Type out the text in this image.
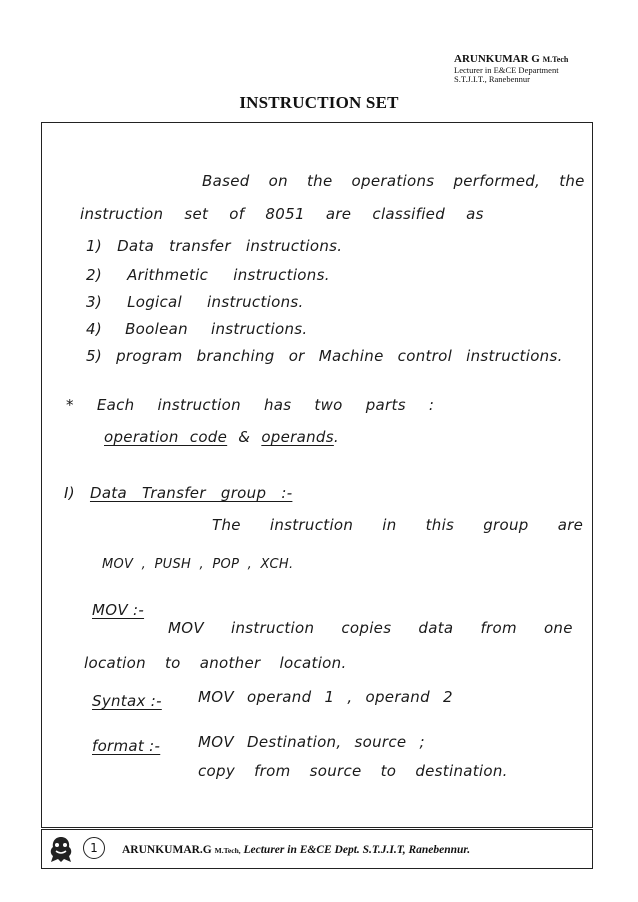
ARUNKUMAR G M.Tech
Lecturer in E&CE Department
S.T.J.I.T., Ranebennur
INSTRUCTION SET
Based on the operations performed, the
instruction set of 8051 are classified as
1) Data transfer instructions.
2) Arithmetic instructions.
3) Logical instructions.
4) Boolean instructions.
5) program branching or Machine control instructions.
* Each instruction has two parts :
operation code & operands.
I) Data Transfer group :-
The instruction in this group are
MOV , PUSH , POP , XCH.
MOV :-
MOV instruction copies data from one
location to another location.
Syntax :- MOV operand 1 , operand 2
format :-	MOV Destination, source ;
copy from source to destination.
1	ARUNKUMAR.G M.Tech, Lecturer in E&CE Dept. S.T.J.I.T, Ranebennur.
